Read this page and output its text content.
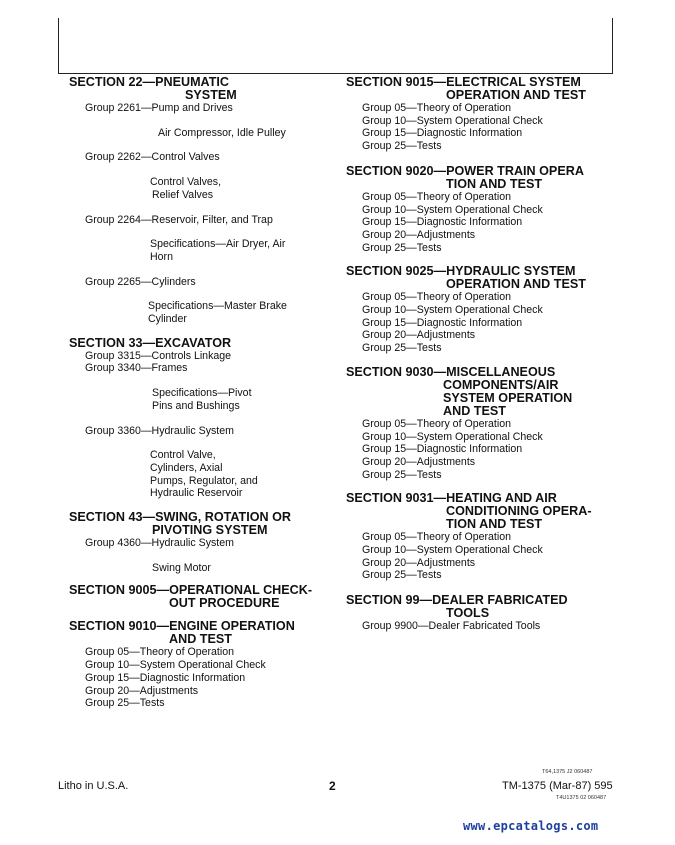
SECTION 22—PNEUMATIC
SYSTEM
Group 2261—Pump and Drives
Air Compressor, Idle Pulley
Group 2262—Control Valves
Control Valves,
Relief Valves
Group 2264—Reservoir, Filter, and Trap
Specifications—Air Dryer, Air
Horn
Group 2265—Cylinders
Specifications—Master Brake
Cylinder
SECTION 33—EXCAVATOR
Group 3315—Controls Linkage
Group 3340—Frames
Specifications—Pivot
Pins and Bushings
Group 3360—Hydraulic System
Control Valve,
Cylinders, Axial
Pumps, Regulator, and
Hydraulic Reservoir
SECTION 43—SWING, ROTATION OR
PIVOTING SYSTEM
Group 4360—Hydraulic System
Swing Motor
SECTION 9005—OPERATIONAL CHECK-
OUT PROCEDURE
SECTION 9010—ENGINE OPERATION
AND TEST
Group 05—Theory of Operation
Group 10—System Operational Check
Group 15—Diagnostic Information
Group 20—Adjustments
Group 25—Tests
SECTION 9015—ELECTRICAL SYSTEM
OPERATION AND TEST
Group 05—Theory of Operation
Group 10—System Operational Check
Group 15—Diagnostic Information
Group 25—Tests
SECTION 9020—POWER TRAIN OPERA
TION AND TEST
Group 05—Theory of Operation
Group 10—System Operational Check
Group 15—Diagnostic Information
Group 20—Adjustments
Group 25—Tests
SECTION 9025—HYDRAULIC SYSTEM
OPERATION AND TEST
Group 05—Theory of Operation
Group 10—System Operational Check
Group 15—Diagnostic Information
Group 20—Adjustments
Group 25—Tests
SECTION 9030—MISCELLANEOUS
COMPONENTS/AIR
SYSTEM OPERATION
AND TEST
Group 05—Theory of Operation
Group 10—System Operational Check
Group 15—Diagnostic Information
Group 20—Adjustments
Group 25—Tests
SECTION 9031—HEATING AND AIR
CONDITIONING OPERA-
TION AND TEST
Group 05—Theory of Operation
Group 10—System Operational Check
Group 20—Adjustments
Group 25—Tests
SECTION 99—DEALER FABRICATED
TOOLS
Group 9900—Dealer Fabricated Tools
T64,1375 J2 060487
Litho in U.S.A.	2	TM-1375 (Mar-87) 595
T4U1375 02 060487
www.epcatalogs.com
